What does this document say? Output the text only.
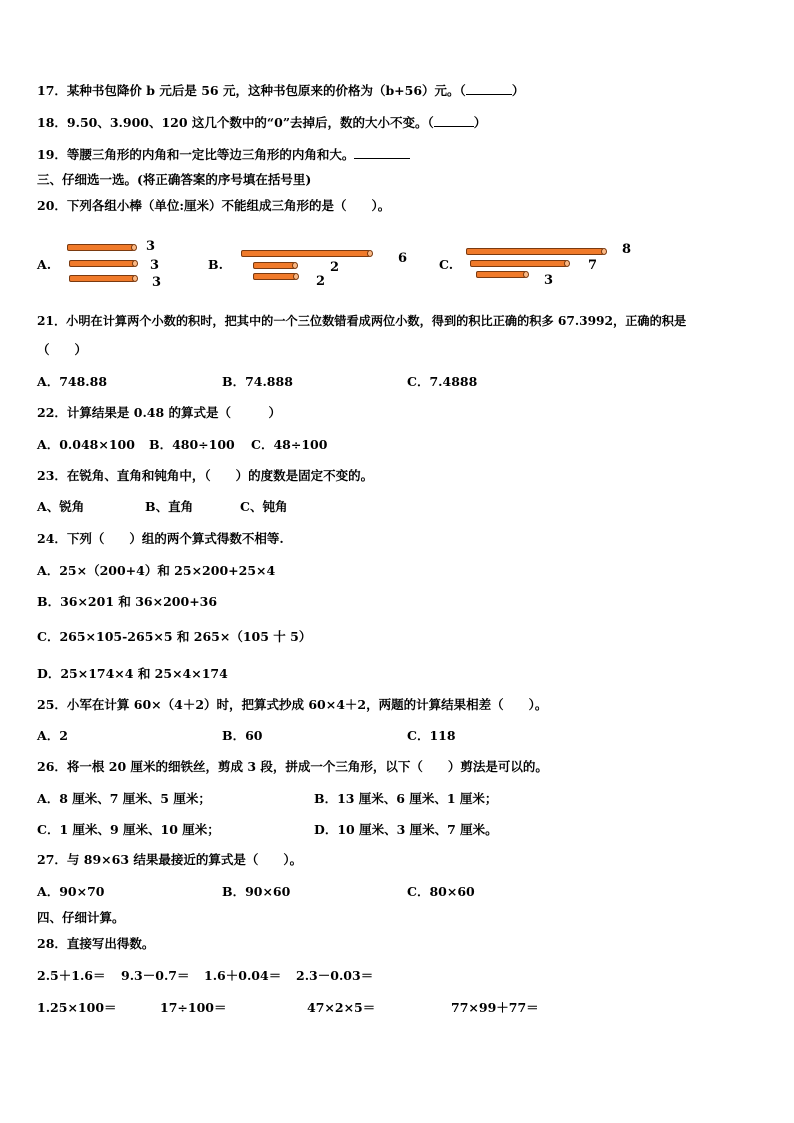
17．某种书包降价 b 元后是 56 元，这种书包原来的价格为（b+56）元。（	）
18．9.50、3.900、120 这几个数中的“0”去掉后，数的大小不变。（	）
19．等腰三角形的内角和一定比等边三角形的内角和大。
三、仔细选一选。(将正确答案的序号填在括号里)
20．下列各组小棒（单位:厘米）不能组成三角形的是（　　）。
A.
3
3
3
B.	6
2
2
C.
8
7
3
21．小明在计算两个小数的积时，把其中的一个三位数错看成两位小数，得到的积比正确的积多 67.3992，正确的积是
（　　）
A．748.88	B．74.888	C．7.4888
22．计算结果是 0.48 的算式是（　　　）
A．0.048×100 B．480÷100 C．48÷100
23．在锐角、直角和钝角中，（　　）的度数是固定不变的。
A、锐角	B、直角	C、钝角
24．下列（　　）组的两个算式得数不相等.
A．25×（200+4）和 25×200+25×4
B．36×201 和 36×200+36
C．265×105-265×5 和 265×（105 十 5）
D．25×174×4 和 25×4×174
25．小军在计算 60×（4＋2）时，把算式抄成 60×4＋2，两题的计算结果相差（　　）。
A．2	B．60	C．118
26．将一根 20 厘米的细铁丝，剪成 3 段，拼成一个三角形，以下（　　）剪法是可以的。
A．8 厘米、7 厘米、5 厘米；	B．13 厘米、6 厘米、1 厘米；
C．1 厘米、9 厘米、10 厘米；	D．10 厘米、3 厘米、7 厘米。
27．与 89×63 结果最接近的算式是（　　）。
A．90×70	B．90×60	C．80×60
四、仔细计算。
28．直接写出得数。
2.5＋1.6＝ 9.3－0.7＝ 1.6＋0.04＝ 2.3－0.03＝
1.25×100＝	17÷100＝	47×2×5＝	77×99＋77＝
